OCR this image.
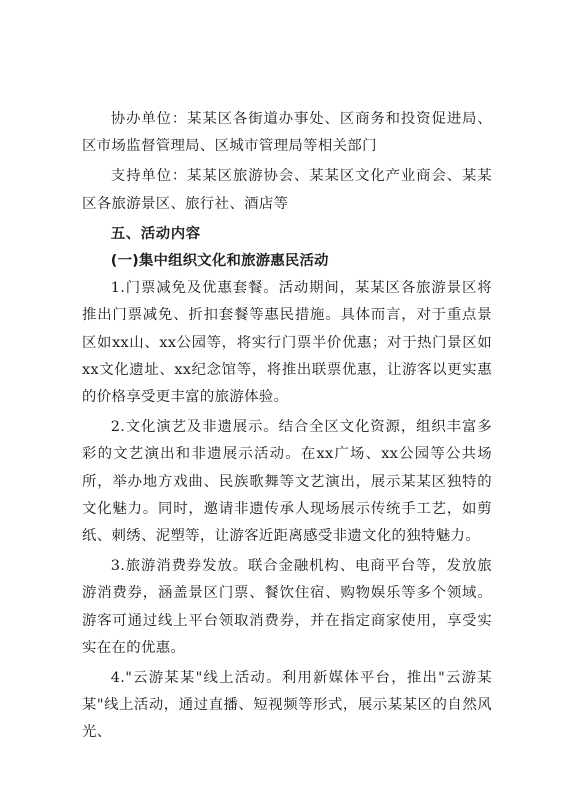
协办单位：某某区各街道办事处、区商务和投资促进局、区市场监督管理局、区城市管理局等相关部门

支持单位：某某区旅游协会、某某区文化产业商会、某某区各旅游景区、旅行社、酒店等

五、活动内容

(一)集中组织文化和旅游惠民活动

1.门票减免及优惠套餐。活动期间，某某区各旅游景区将推出门票减免、折扣套餐等惠民措施。具体而言，对于重点景区如xx山、xx公园等，将实行门票半价优惠；对于热门景区如xx文化遗址、xx纪念馆等，将推出联票优惠，让游客以更实惠的价格享受更丰富的旅游体验。

2.文化演艺及非遗展示。结合全区文化资源，组织丰富多彩的文艺演出和非遗展示活动。在xx广场、xx公园等公共场所，举办地方戏曲、民族歌舞等文艺演出，展示某某区独特的文化魅力。同时，邀请非遗传承人现场展示传统手工艺，如剪纸、刺绣、泥塑等，让游客近距离感受非遗文化的独特魅力。

3.旅游消费券发放。联合金融机构、电商平台等，发放旅游消费券，涵盖景区门票、餐饮住宿、购物娱乐等多个领域。游客可通过线上平台领取消费券，并在指定商家使用，享受实实在在的优惠。

4."云游某某"线上活动。利用新媒体平台，推出"云游某某"线上活动，通过直播、短视频等形式，展示某某区的自然风光、
